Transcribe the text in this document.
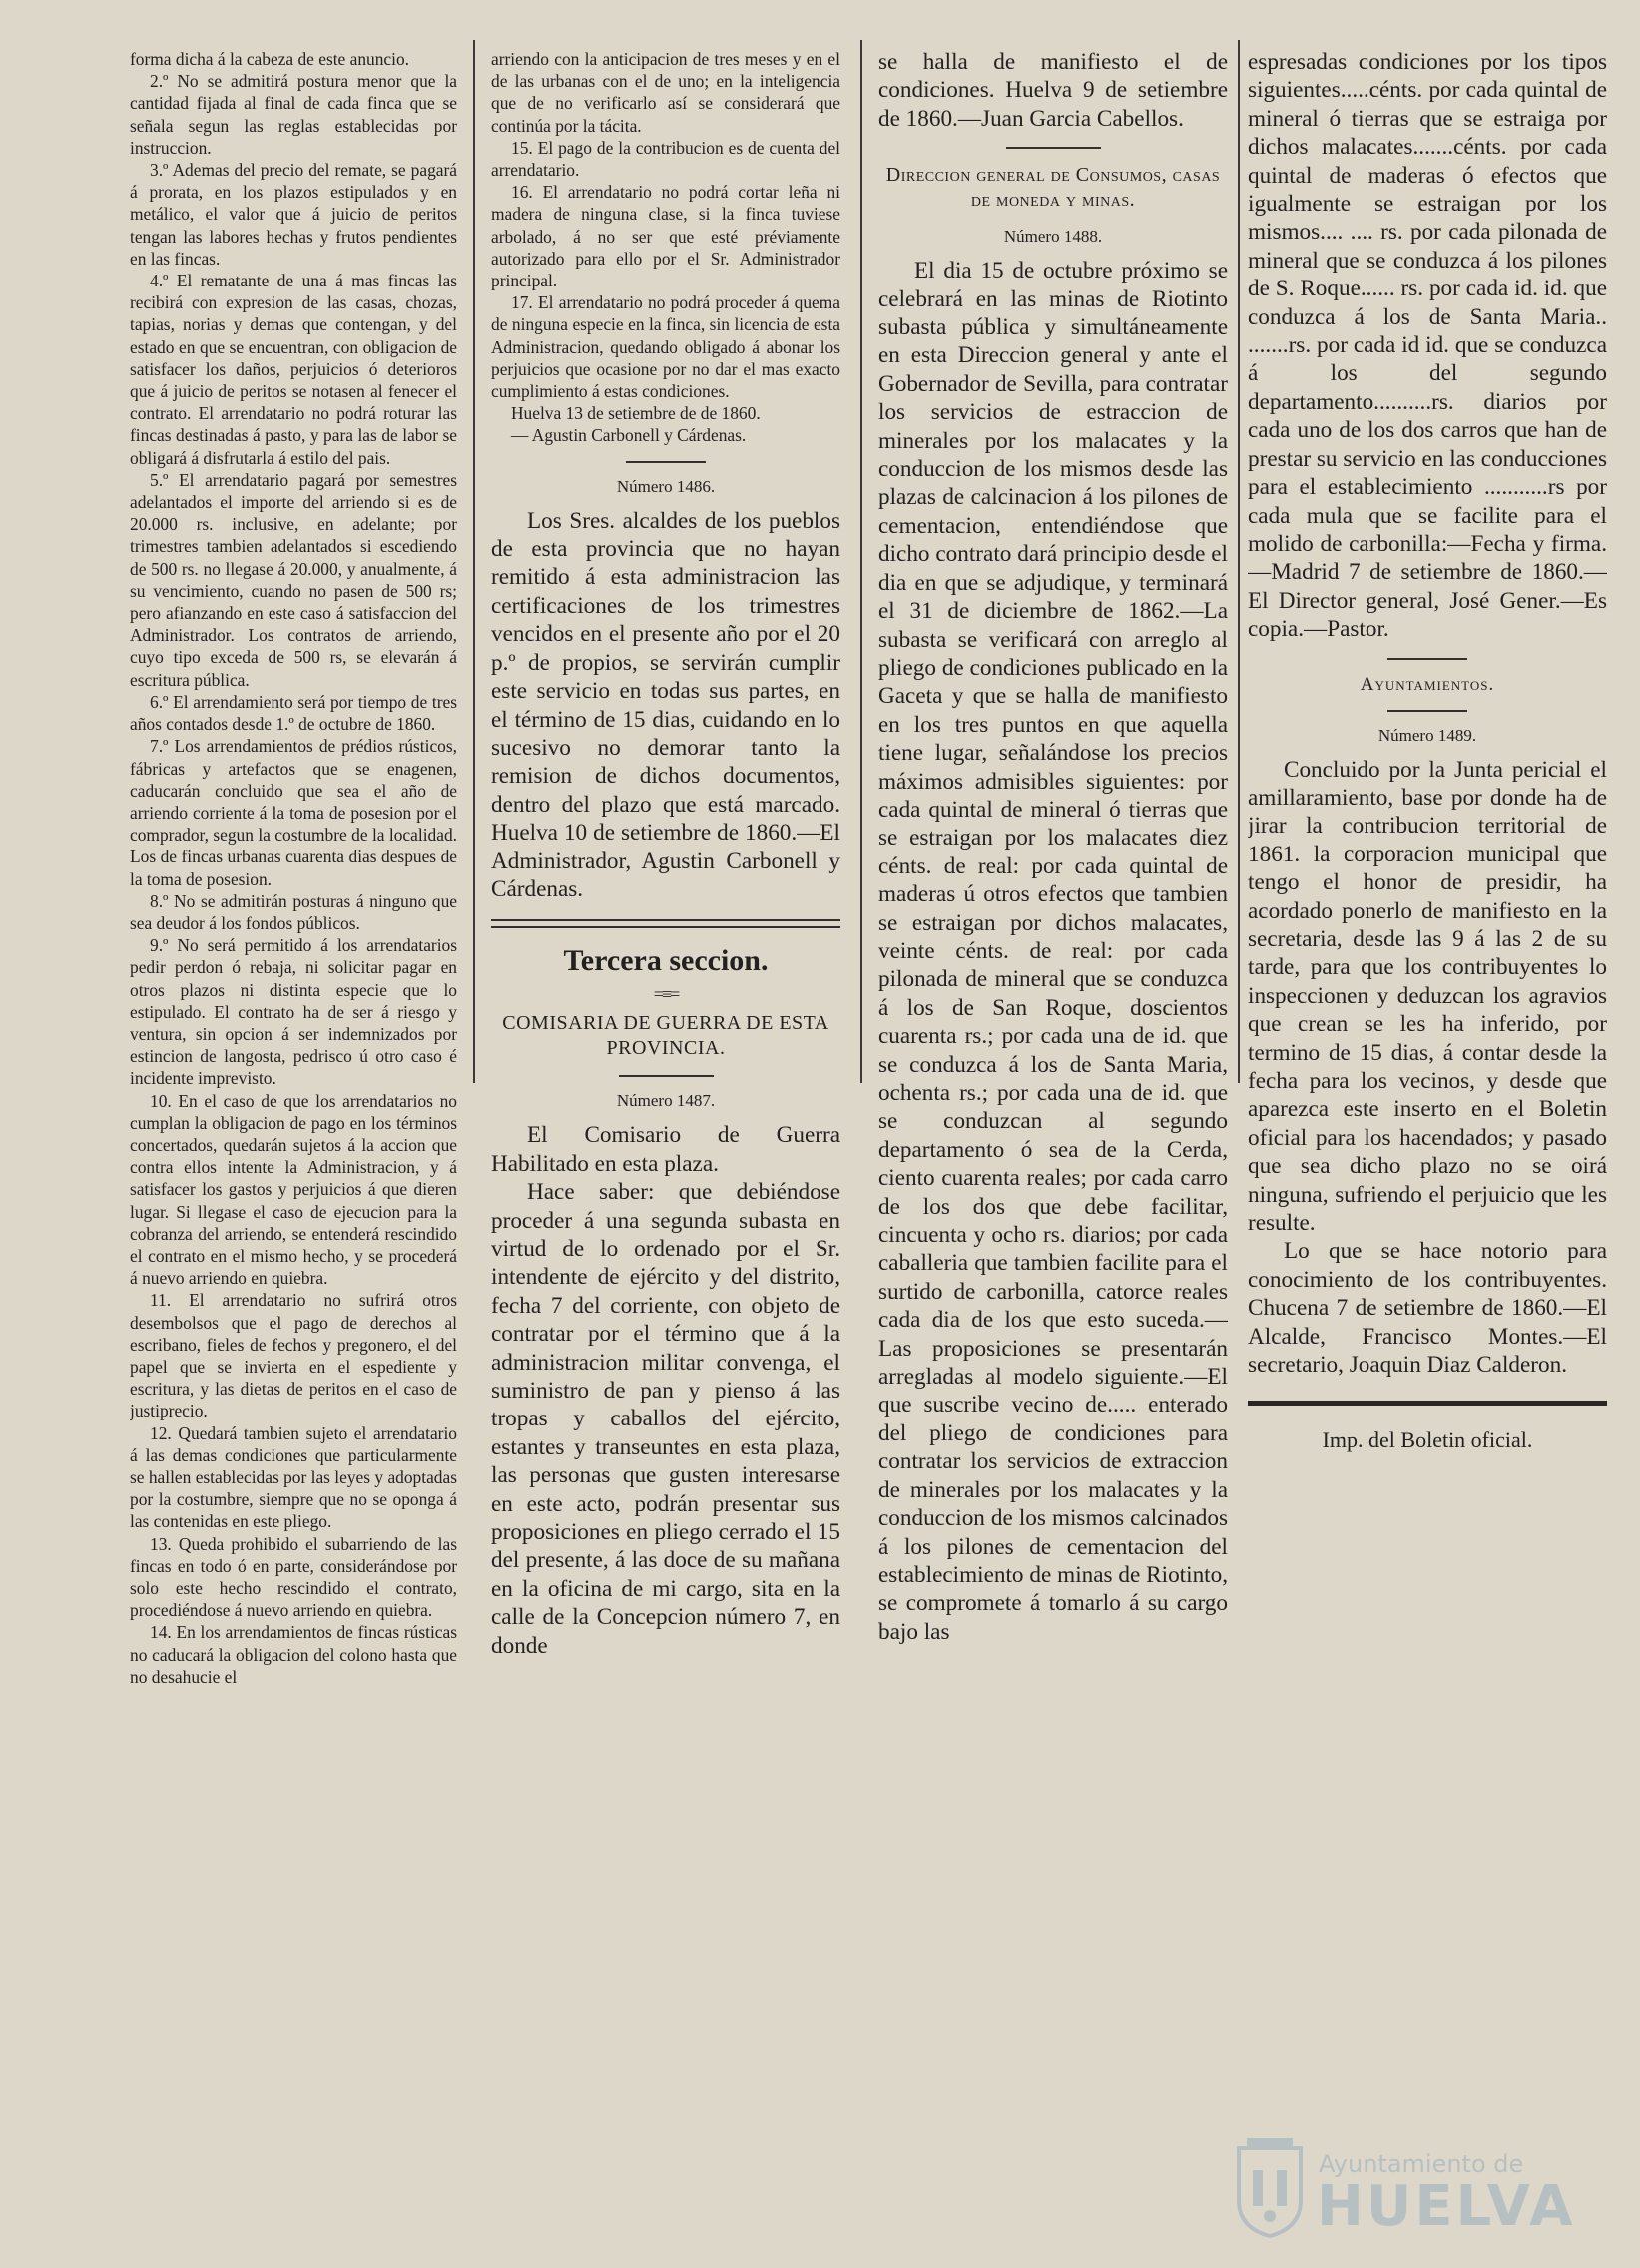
forma dicha á la cabeza de este anuncio.

2.º No se admitirá postura menor que la cantidad fijada al final de cada finca que se señala segun las reglas establecidas por instruccion.

3.º Ademas del precio del remate, se pagará á prorata, en los plazos estipulados y en metálico, el valor que á juicio de peritos tengan las labores hechas y frutos pendientes en las fincas.

4.º El rematante de una á mas fincas las recibirá con expresion de las casas, chozas, tapias, norias y demas que contengan, y del estado en que se encuentran, con obligacion de satisfacer los daños, perjuicios ó deterioros que á juicio de peritos se notasen al fenecer el contrato. El arrendatario no podrá roturar las fincas destinadas á pasto, y para las de labor se obligará á disfrutarla á estilo del pais.

5.º El arrendatario pagará por semestres adelantados el importe del arriendo si es de 20.000 rs. inclusive, en adelante; por trimestres tambien adelantados si escediendo de 500 rs. no llegase á 20.000, y anualmente, á su vencimiento, cuando no pasen de 500 rs; pero afianzando en este caso á satisfaccion del Administrador. Los contratos de arriendo, cuyo tipo exceda de 500 rs, se elevarán á escritura pública.

6.º El arrendamiento será por tiempo de tres años contados desde 1.º de octubre de 1860.

7.º Los arrendamientos de prédios rústicos, fábricas y artefactos que se enagenen, caducarán concluido que sea el año de arriendo corriente á la toma de posesion por el comprador, segun la costumbre de la localidad. Los de fincas urbanas cuarenta dias despues de la toma de posesion.

8.º No se admitirán posturas á ninguno que sea deudor á los fondos públicos.

9.º No será permitido á los arrendatarios pedir perdon ó rebaja, ni solicitar pagar en otros plazos ni distinta especie que lo estipulado. El contrato ha de ser á riesgo y ventura, sin opcion á ser indemnizados por estincion de langosta, pedrisco ú otro caso é incidente imprevisto.

10. En el caso de que los arrendatarios no cumplan la obligacion de pago en los términos concertados, quedarán sujetos á la accion que contra ellos intente la Administracion, y á satisfacer los gastos y perjuicios á que dieren lugar. Si llegase el caso de ejecucion para la cobranza del arriendo, se entenderá rescindido el contrato en el mismo hecho, y se procederá á nuevo arriendo en quiebra.

11. El arrendatario no sufrirá otros desembolsos que el pago de derechos al escribano, fieles de fechos y pregonero, el del papel que se invierta en el espediente y escritura, y las dietas de peritos en el caso de justiprecio.

12. Quedará tambien sujeto el arrendatario á las demas condiciones que particularmente se hallen establecidas por las leyes y adoptadas por la costumbre, siempre que no se oponga á las contenidas en este pliego.

13. Queda prohibido el subarriendo de las fincas en todo ó en parte, considerándose por solo este hecho rescindido el contrato, procediéndose á nuevo arriendo en quiebra.

14. En los arrendamientos de fincas rústicas no caducará la obligacion del colono hasta que no desahucie el

arriendo con la anticipacion de tres meses y en el de las urbanas con el de uno; en la inteligencia que de no verificarlo así se considerará que continúa por la tácita.

15. El pago de la contribucion es de cuenta del arrendatario.

16. El arrendatario no podrá cortar leña ni madera de ninguna clase, si la finca tuviese arbolado, á no ser que esté préviamente autorizado para ello por el Sr. Administrador principal.

17. El arrendatario no podrá proceder á quema de ninguna especie en la finca, sin licencia de esta Administracion, quedando obligado á abonar los perjuicios que ocasione por no dar el mas exacto cumplimiento á estas condiciones.

Huelva 13 de setiembre de de 1860.

— Agustin Carbonell y Cárdenas.

Número 1486.

Los Sres. alcaldes de los pueblos de esta provincia que no hayan remitido á esta administracion las certificaciones de los trimestres vencidos en el presente año por el 20 p.º de propios, se servirán cumplir este servicio en todas sus partes, en el término de 15 dias, cuidando en lo sucesivo no demorar tanto la remision de dichos documentos, dentro del plazo que está marcado. Huelva 10 de setiembre de 1860.—El Administrador, Agustin Carbonell y Cárdenas.

Tercera seccion.
=≡=
COMISARIA DE GUERRA DE ESTA PROVINCIA.
Número 1487.

El Comisario de Guerra Habilitado en esta plaza.

Hace saber: que debiéndose proceder á una segunda subasta en virtud de lo ordenado por el Sr. intendente de ejército y del distrito, fecha 7 del corriente, con objeto de contratar por el término que á la administracion militar convenga, el suministro de pan y pienso á las tropas y caballos del ejército, estantes y transeuntes en esta plaza, las personas que gusten interesarse en este acto, podrán presentar sus proposiciones en pliego cerrado el 15 del presente, á las doce de su mañana en la oficina de mi cargo, sita en la calle de la Concepcion número 7, en donde

se halla de manifiesto el de condiciones. Huelva 9 de setiembre de 1860.—Juan Garcia Cabellos.

Direccion general de Consumos, casas de moneda y minas.
Número 1488.

El dia 15 de octubre próximo se celebrará en las minas de Riotinto subasta pública y simultáneamente en esta Direccion general y ante el Gobernador de Sevilla, para contratar los servicios de estraccion de minerales por los malacates y la conduccion de los mismos desde las plazas de calcinacion á los pilones de cementacion, entendiéndose que dicho contrato dará principio desde el dia en que se adjudique, y terminará el 31 de diciembre de 1862.—La subasta se verificará con arreglo al pliego de condiciones publicado en la Gaceta y que se halla de manifiesto en los tres puntos en que aquella tiene lugar, señalándose los precios máximos admisibles siguientes: por cada quintal de mineral ó tierras que se estraigan por los malacates diez cénts. de real: por cada quintal de maderas ú otros efectos que tambien se estraigan por dichos malacates, veinte cénts. de real: por cada pilonada de mineral que se conduzca á los de San Roque, doscientos cuarenta rs.; por cada una de id. que se conduzca á los de Santa Maria, ochenta rs.; por cada una de id. que se conduzcan al segundo departamento ó sea de la Cerda, ciento cuarenta reales; por cada carro de los dos que debe facilitar, cincuenta y ocho rs. diarios; por cada caballeria que tambien facilite para el surtido de carbonilla, catorce reales cada dia de los que esto suceda.—Las proposiciones se presentarán arregladas al modelo siguiente.—El que suscribe vecino de..... enterado del pliego de condiciones para contratar los servicios de extraccion de minerales por los malacates y la conduccion de los mismos calcinados á los pilones de cementacion del establecimiento de minas de Riotinto, se compromete á tomarlo á su cargo bajo las

espresadas condiciones por los tipos siguientes.....cénts. por cada quintal de mineral ó tierras que se estraiga por dichos malacates.......cénts. por cada quintal de maderas ó efectos que igualmente se estraigan por los mismos.... .... rs. por cada pilonada de mineral que se conduzca á los pilones de S. Roque...... rs. por cada id. id. que conduzca á los de Santa Maria.. .......rs. por cada id id. que se conduzca á los del segundo departamento..........rs. diarios por cada uno de los dos carros que han de prestar su servicio en las conducciones para el establecimiento ...........rs por cada mula que se facilite para el molido de carbonilla:—Fecha y firma.—Madrid 7 de setiembre de 1860.—El Director general, José Gener.—Es copia.—Pastor.

Ayuntamientos.
Número 1489.

Concluido por la Junta pericial el amillaramiento, base por donde ha de jirar la contribucion territorial de 1861. la corporacion municipal que tengo el honor de presidir, ha acordado ponerlo de manifiesto en la secretaria, desde las 9 á las 2 de su tarde, para que los contribuyentes lo inspeccionen y deduzcan los agravios que crean se les ha inferido, por termino de 15 dias, á contar desde la fecha para los vecinos, y desde que aparezca este inserto en el Boletin oficial para los hacendados; y pasado que sea dicho plazo no se oirá ninguna, sufriendo el perjuicio que les resulte.

Lo que se hace notorio para conocimiento de los contribuyentes. Chucena 7 de setiembre de 1860.—El Alcalde, Francisco Montes.—El secretario, Joaquin Diaz Calderon.

Imp. del Boletin oficial.
Ayuntamiento de
HUELVA
